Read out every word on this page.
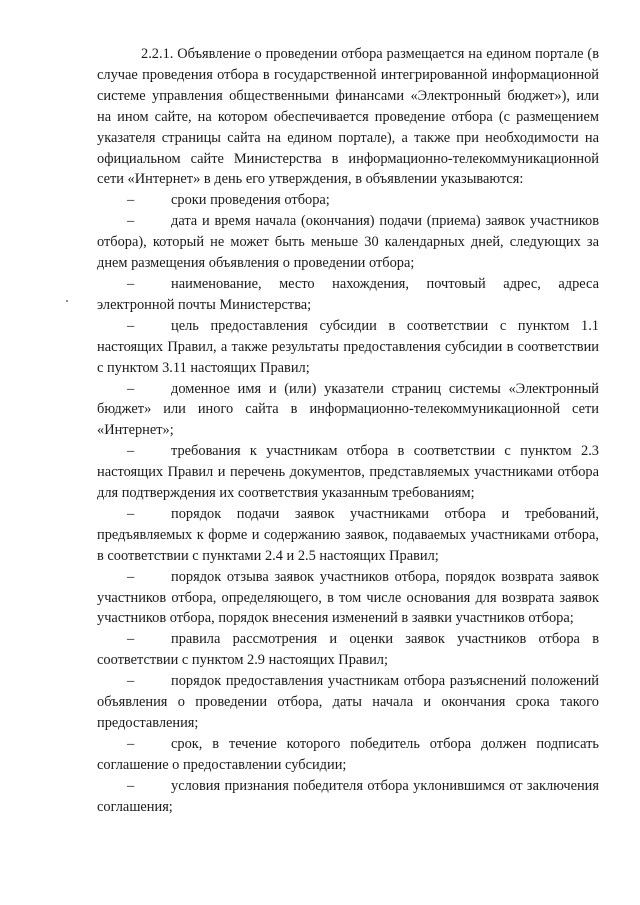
2.2.1. Объявление о проведении отбора размещается на едином портале (в случае проведения отбора в государственной интегрированной информационной системе управления общественными финансами «Электронный бюджет»), или на ином сайте, на котором обеспечивается проведение отбора (с размещением указателя страницы сайта на едином портале), а также при необходимости на официальном сайте Министерства в информационно-телекоммуникационной сети «Интернет» в день его утверждения, в объявлении указываются:

–	сроки проведения отбора;

–	дата и время начала (окончания) подачи (приема) заявок участников отбора), который не может быть меньше 30 календарных дней, следующих за днем размещения объявления о проведении отбора;

–	наименование, место нахождения, почтовый адрес, адреса электронной почты Министерства;

–	цель предоставления субсидии в соответствии с пунктом 1.1 настоящих Правил, а также результаты предоставления субсидии в соответствии с пунктом 3.11 настоящих Правил;

–	доменное имя и (или) указатели страниц системы «Электронный бюджет» или иного сайта в информационно-телекоммуникационной сети «Интернет»;

–	требования к участникам отбора в соответствии с пунктом 2.3 настоящих Правил и перечень документов, представляемых участниками отбора для подтверждения их соответствия указанным требованиям;

–	порядок подачи заявок участниками отбора и требований, предъявляемых к форме и содержанию заявок, подаваемых участниками отбора, в соответствии с пунктами 2.4 и 2.5 настоящих Правил;

–	порядок отзыва заявок участников отбора, порядок возврата заявок участников отбора, определяющего, в том числе основания для возврата заявок участников отбора, порядок внесения изменений в заявки участников отбора;

–	правила рассмотрения и оценки заявок участников отбора в соответствии с пунктом 2.9 настоящих Правил;

–	порядок предоставления участникам отбора разъяснений положений объявления о проведении отбора, даты начала и окончания срока такого предоставления;

–	срок, в течение которого победитель отбора должен подписать соглашение о предоставлении субсидии;

–	условия признания победителя отбора уклонившимся от заключения соглашения;
